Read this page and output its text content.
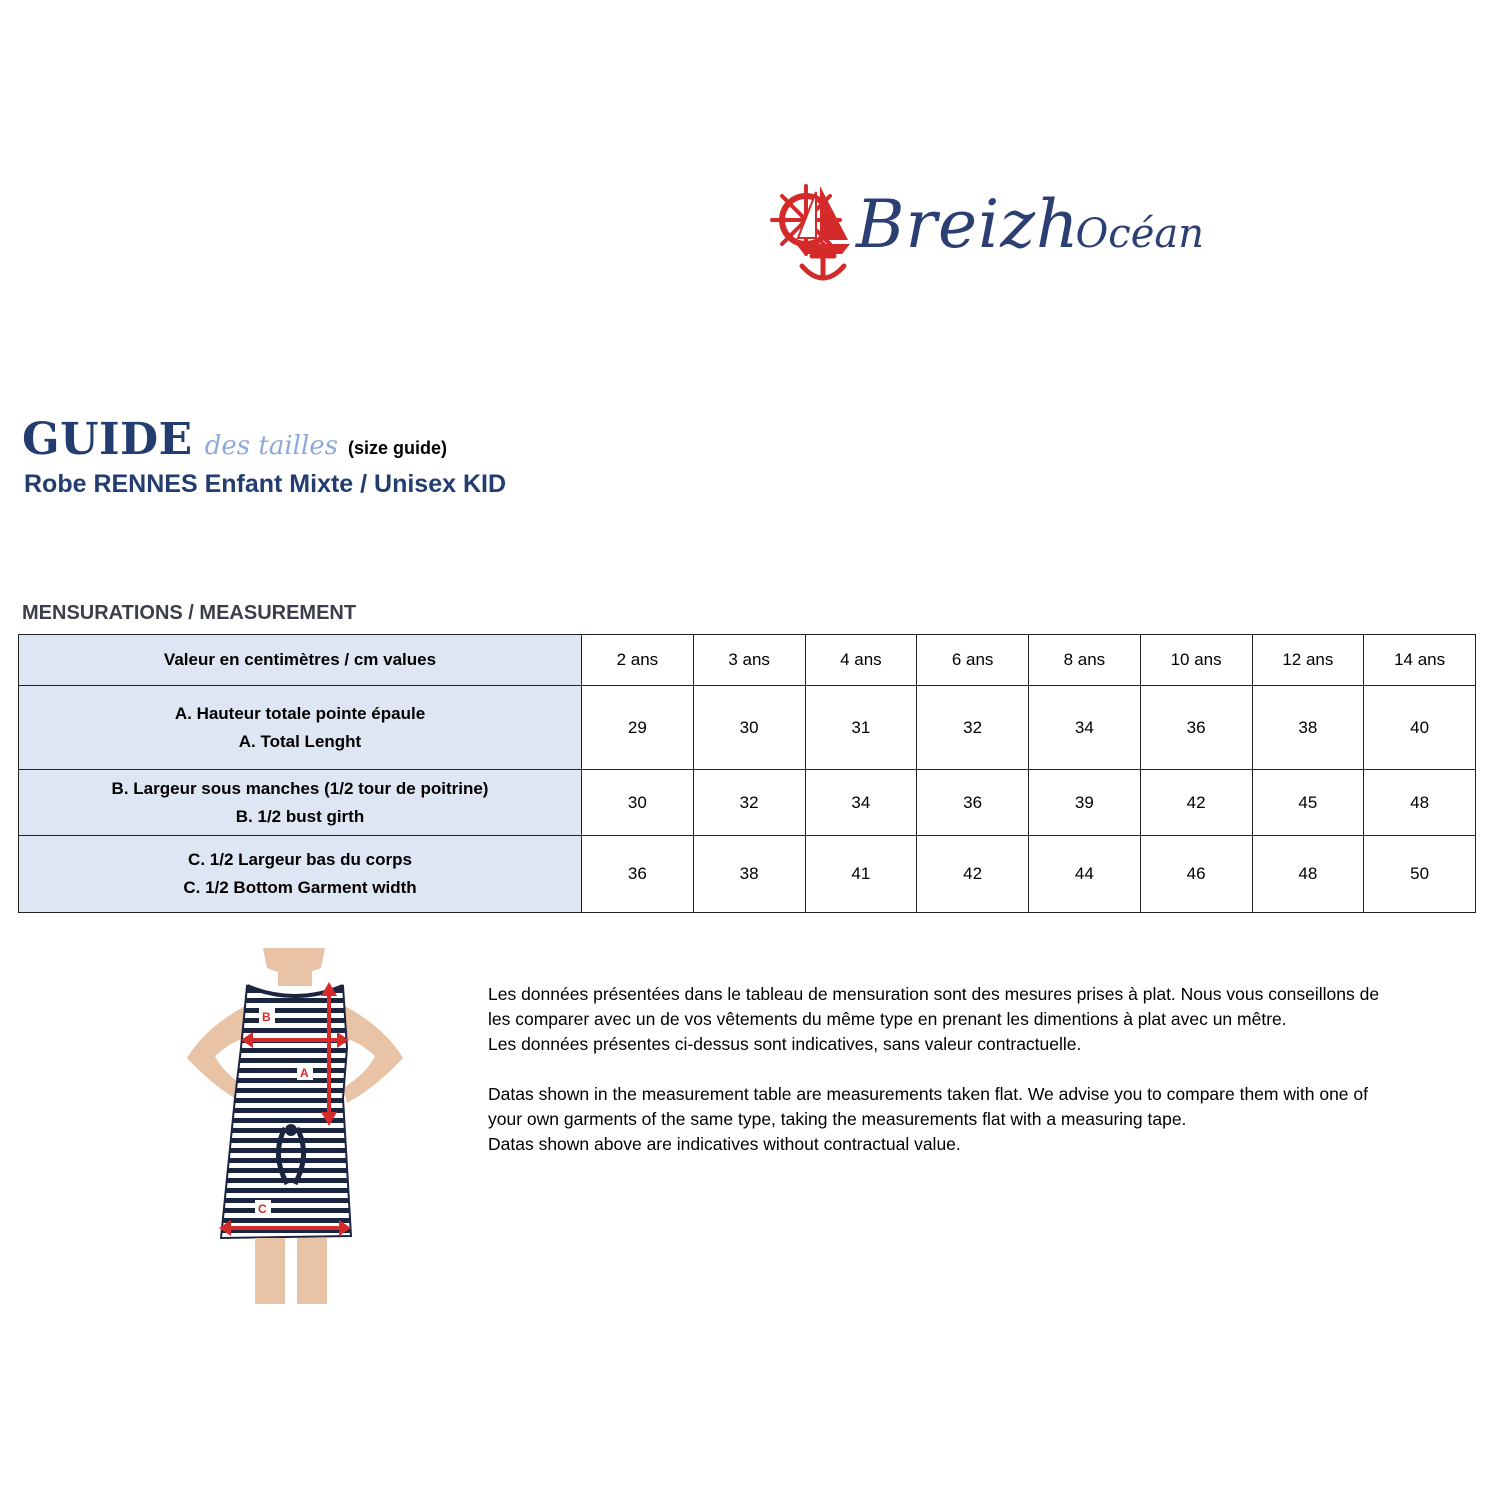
BreizhOcéan
GUIDE des tailles (size guide)
Robe RENNES Enfant Mixte / Unisex KID
MENSURATIONS / MEASUREMENT
Valeur en centimètres / cm values	2 ans	3 ans	4 ans	6 ans	8 ans	10 ans	12 ans	14 ans

A. Hauteur totale pointe épaule
A. Total Lenght	29	30	31	32	34	36	38	40

B. Largeur sous manches (1/2 tour de poitrine)
B. 1/2 bust girth	30	32	34	36	39	42	45	48

C. 1/2 Largeur bas du corps
C. 1/2 Bottom Garment width	36	38	41	42	44	46	48	50
B
A
C

Les données présentées dans le tableau de mensuration sont des mesures prises à plat. Nous vous conseillons de les comparer avec un de vos vêtements du même type en prenant les dimentions à plat avec un mêtre.

Les données présentes ci-dessus sont indicatives, sans valeur contractuelle.

Datas shown in the measurement table are measurements taken flat. We advise you to compare them with one of your own garments of the same type, taking the measurements flat with a measuring tape.

Datas shown above are indicatives without contractual value.
